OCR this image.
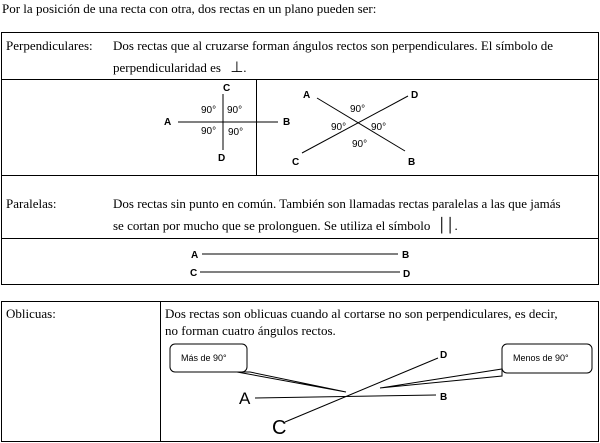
Por la posición de una recta con otra, dos rectas en un plano pueden ser:
Perpendiculares: Dos rectas que al cruzarse forman ángulos rectos son perpendiculares. El símbolo de
perpendicularidad es ⊥.
C
A	B
D
90° 90°
90° 90°
A	D
C	B
90°
90° 90°
90°
Paralelas:	Dos rectas sin punto en común. También son llamadas rectas paralelas a las que jamás
se cortan por mucho que se prolonguen. Se utiliza el símbolo ││.
A	B
C	D
Oblicuas:	Dos rectas son oblicuas cuando al cortarse no son perpendiculares, es decir,
no forman cuatro ángulos rectos.
Más de 90°	Menos de 90°
A	B
C
D
